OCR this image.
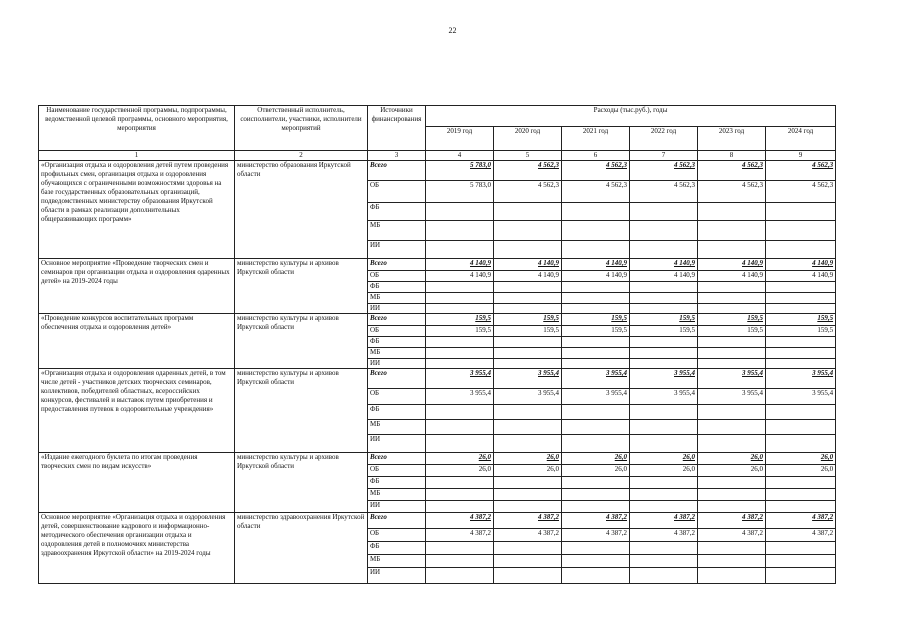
22
Наименование государственной программы, подпрограммы, ведомственной целевой программы, основного мероприятия, мероприятия	Ответственный исполнитель, соисполнители, участники, исполнители мероприятий	Источники финансирования	Расходы (тыс.руб.), годы					
			2019 год	2020 год	2021 год	2022 год	2023 год	2024 год
1	2	3	4	5	6	7	8	9
«Организация отдыха и оздоровления детей путем проведения профильных смен, организация отдыха и оздоровления обучающихся с ограниченными возможностями здоровья на базе государственных образовательных организаций, подведомственных министерству образования Иркутской области в рамках реализации дополнительных общеразвивающих программ»	министерство образования Иркутской области	Всего	5 783,0	4 562,3	4 562,3	4 562,3	4 562,3	4 562,3
		ОБ	5 783,0	4 562,3	4 562,3	4 562,3	4 562,3	4 562,3
		ФБ						
		МБ						
		ИИ						
Основное мероприятие «Проведение творческих смен и семинаров при организации отдыха и оздоровления одаренных детей» на 2019-2024 годы	министерство культуры и архивов Иркутской области	Всего	4 140,9	4 140,9	4 140,9	4 140,9	4 140,9	4 140,9
		ОБ	4 140,9	4 140,9	4 140,9	4 140,9	4 140,9	4 140,9
		ФБ						
		МБ						
		ИИ						
«Проведение конкурсов воспитательных программ обеспечения отдыха и оздоровления детей»	министерство культуры и архивов Иркутской области	Всего	159,5	159,5	159,5	159,5	159,5	159,5
		ОБ	159,5	159,5	159,5	159,5	159,5	159,5
		ФБ						
		МБ						
		ИИ						
«Организация отдыха и оздоровления одаренных детей, в том числе детей - участников детских творческих семинаров, коллективов, победителей областных, всероссийских конкурсов, фестивалей и выставок путем приобретения и предоставления путевок в оздоровительные учреждения»	министерство культуры и архивов Иркутской области	Всего	3 955,4	3 955,4	3 955,4	3 955,4	3 955,4	3 955,4
		ОБ	3 955,4	3 955,4	3 955,4	3 955,4	3 955,4	3 955,4
		ФБ						
		МБ						
		ИИ						
«Издание ежегодного буклета по итогам проведения творческих смен по видам искусств»	министерство культуры и архивов Иркутской области	Всего	26,0	26,0	26,0	26,0	26,0	26,0
		ОБ	26,0	26,0	26,0	26,0	26,0	26,0
		ФБ						
		МБ						
		ИИ						
Основное мероприятие «Организация отдыха и оздоровления детей, совершенствование кадрового и информационно-методического обеспечения организации отдыха и оздоровления детей в полномочиях министерства здравоохранения Иркутской области» на 2019-2024 годы	министерство здравоохранения Иркутской области	Всего	4 387,2	4 387,2	4 387,2	4 387,2	4 387,2	4 387,2
		ОБ	4 387,2	4 387,2	4 387,2	4 387,2	4 387,2	4 387,2
		ФБ						
		МБ						
		ИИ						
